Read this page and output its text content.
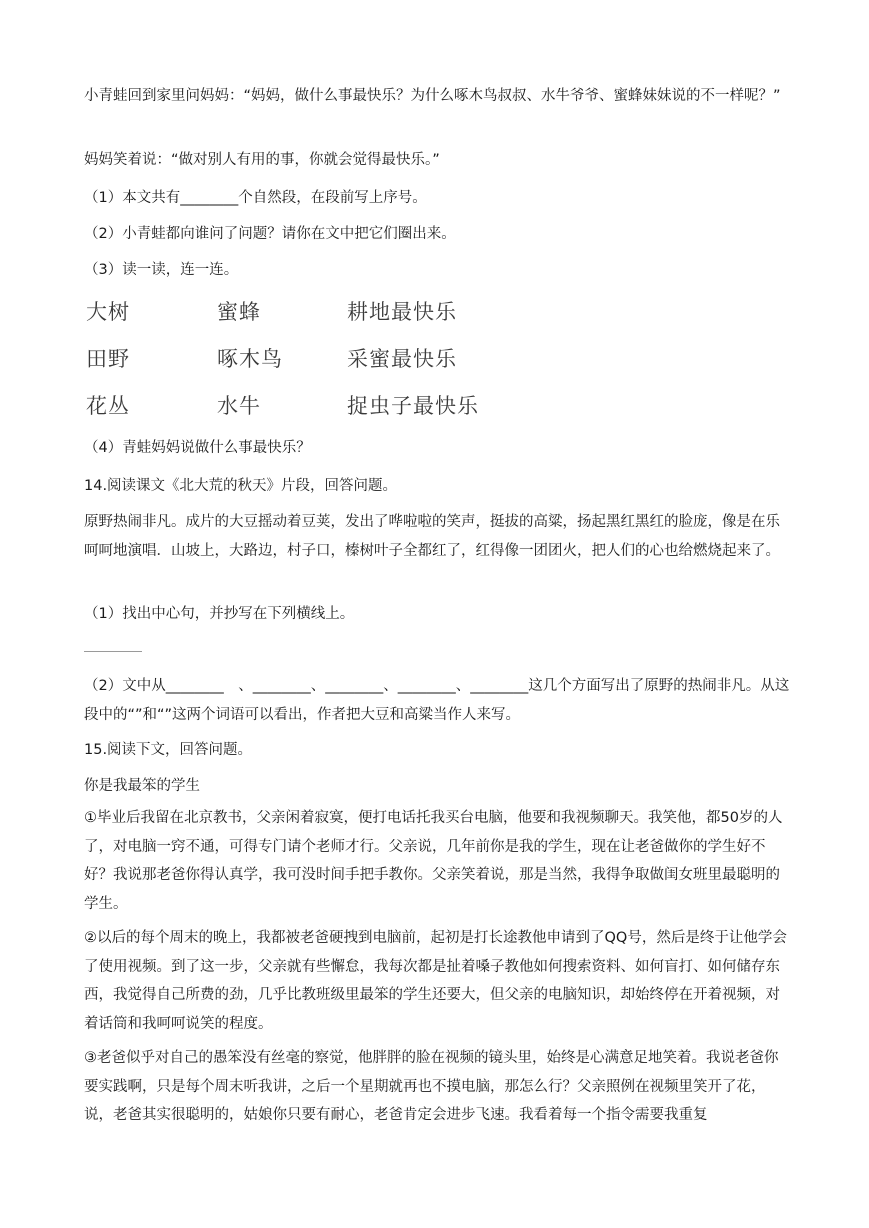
小青蛙回到家里问妈妈：“妈妈，做什么事最快乐？为什么啄木鸟叔叔、水牛爷爷、蜜蜂妹妹说的不一样呢？”
妈妈笑着说：“做对别人有用的事，你就会觉得最快乐。”
（1）本文共有________个自然段，在段前写上序号。
（2）小青蛙都向谁问了问题？请你在文中把它们圈出来。
（3）读一读，连一连。
大树	蜜蜂	耕地最快乐
田野	啄木鸟	采蜜最快乐
花丛	水牛	捉虫子最快乐
（4）青蛙妈妈说做什么事最快乐？
14.阅读课文《北大荒的秋天》片段，回答问题。
原野热闹非凡。成片的大豆摇动着豆荚，发出了哗啦啦的笑声，挺拔的高粱，扬起黑红黑红的脸庞，像是在乐呵呵地演唱．山坡上，大路边，村子口，榛树叶子全都红了，红得像一团团火，把人们的心也给燃烧起来了。
（1）找出中心句，并抄写在下列横线上。
（2）文中从________　、________、________、________、________这几个方面写出了原野的热闹非凡。从这段中的“”和“”这两个词语可以看出，作者把大豆和高粱当作人来写。
15.阅读下文，回答问题。
你是我最笨的学生
①毕业后我留在北京教书，父亲闲着寂寞，便打电话托我买台电脑，他要和我视频聊天。我笑他，都50岁的人了，对电脑一窍不通，可得专门请个老师才行。父亲说，几年前你是我的学生，现在让老爸做你的学生好不好？我说那老爸你得认真学，我可没时间手把手教你。父亲笑着说，那是当然，我得争取做闺女班里最聪明的学生。
②以后的每个周末的晚上，我都被老爸硬拽到电脑前，起初是打长途教他申请到了QQ号，然后是终于让他学会了使用视频。到了这一步，父亲就有些懈怠，我每次都是扯着嗓子教他如何搜索资料、如何盲打、如何储存东西，我觉得自己所费的劲，几乎比教班级里最笨的学生还要大，但父亲的电脑知识，却始终停在开着视频，对着话筒和我呵呵说笑的程度。
③老爸似乎对自己的愚笨没有丝毫的察觉，他胖胖的脸在视频的镜头里，始终是心满意足地笑着。我说老爸你要实践啊，只是每个周末听我讲，之后一个星期就再也不摸电脑，那怎么行？父亲照例在视频里笑开了花，说，老爸其实很聪明的，姑娘你只要有耐心，老爸肯定会进步飞速。我看着每一个指令需要我重复
